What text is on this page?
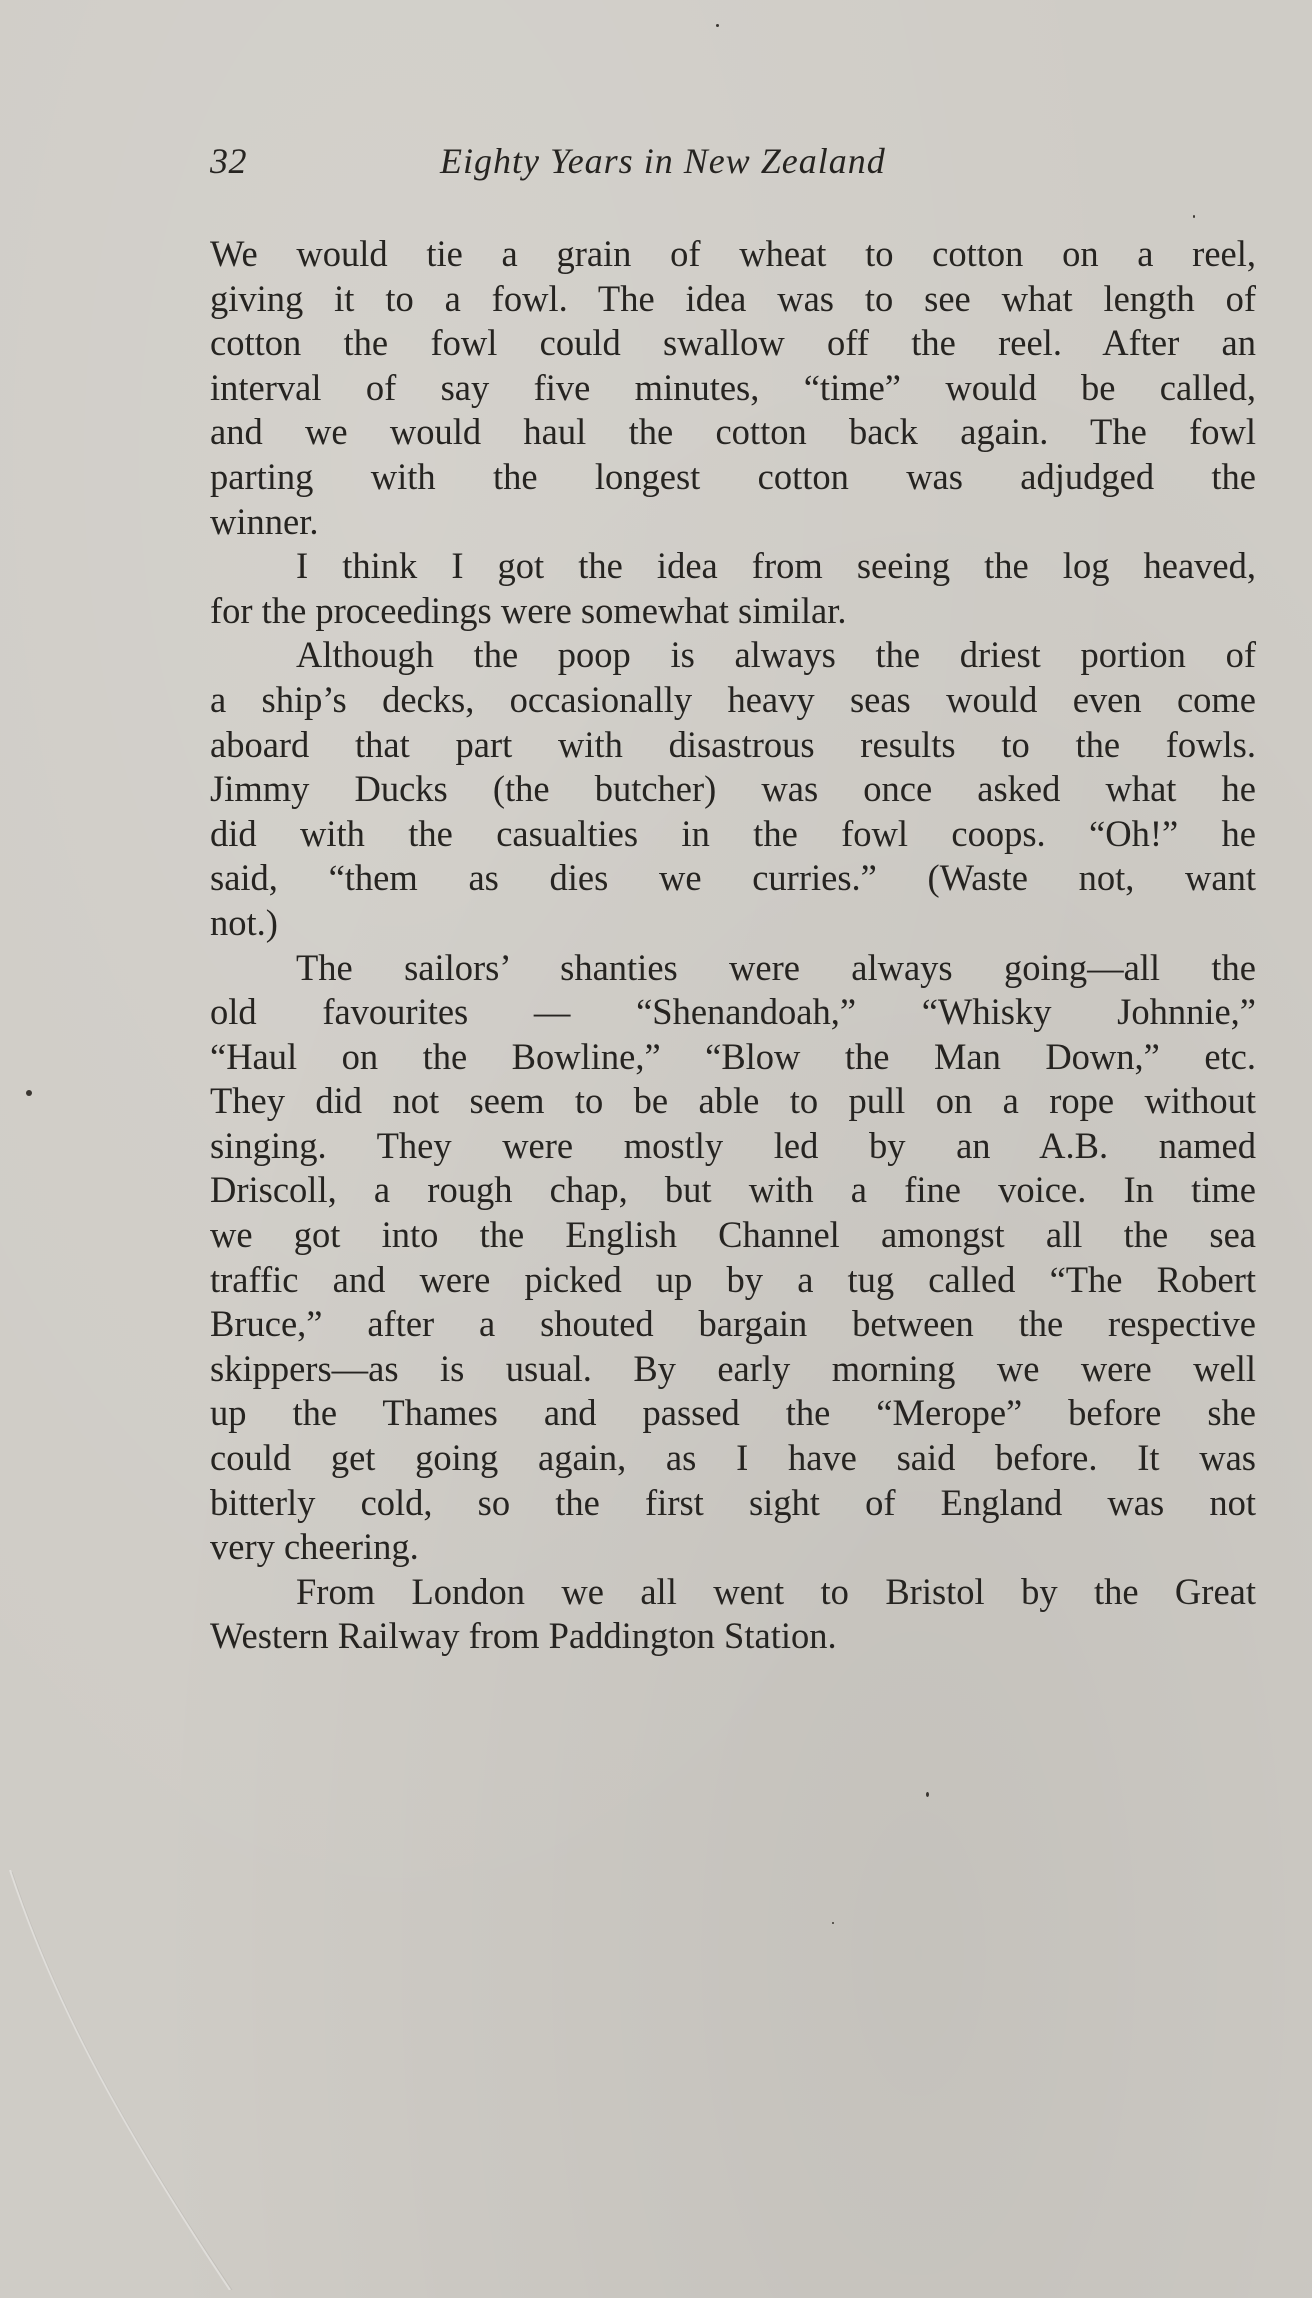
32	Eighty Years in New Zealand
We would tie a grain of wheat to cotton on a reel,
giving it to a fowl. The idea was to see what length of
cotton the fowl could swallow off the reel. After an
interval of say five minutes, “time” would be called,
and we would haul the cotton back again. The fowl
parting with the longest cotton was adjudged the
winner.
I think I got the idea from seeing the log heaved,
for the proceedings were somewhat similar.
Although the poop is always the driest portion of
a ship’s decks, occasionally heavy seas would even come
aboard that part with disastrous results to the fowls.
Jimmy Ducks (the butcher) was once asked what he
did with the casualties in the fowl coops. “Oh!” he
said, “them as dies we curries.” (Waste not, want
not.)
The sailors’ shanties were always going—all the
old favourites — “Shenandoah,” “Whisky Johnnie,”
“Haul on the Bowline,” “Blow the Man Down,” etc.
They did not seem to be able to pull on a rope without
singing. They were mostly led by an A.B. named
Driscoll, a rough chap, but with a fine voice. In time
we got into the English Channel amongst all the sea
traffic and were picked up by a tug called “The Robert
Bruce,” after a shouted bargain between the respective
skippers—as is usual. By early morning we were well
up the Thames and passed the “Merope” before she
could get going again, as I have said before. It was
bitterly cold, so the first sight of England was not
very cheering.
From London we all went to Bristol by the Great
Western Railway from Paddington Station.
